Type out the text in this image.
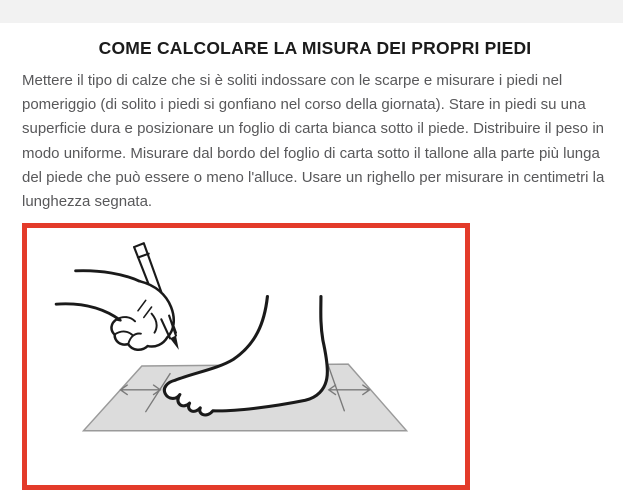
COME CALCOLARE LA MISURA DEI PROPRI PIEDI

Mettere il tipo di calze che si è soliti indossare con le scarpe e misurare i piedi nel pomeriggio (di solito i piedi si gonfiano nel corso della giornata). Stare in piedi su una superficie dura e posizionare un foglio di carta bianca sotto il piede. Distribuire il peso in modo uniforme. Misurare dal bordo del foglio di carta sotto il tallone alla parte più lunga del piede che può essere o meno l'alluce. Usare un righello per misurare in centimetri la lunghezza segnata.
